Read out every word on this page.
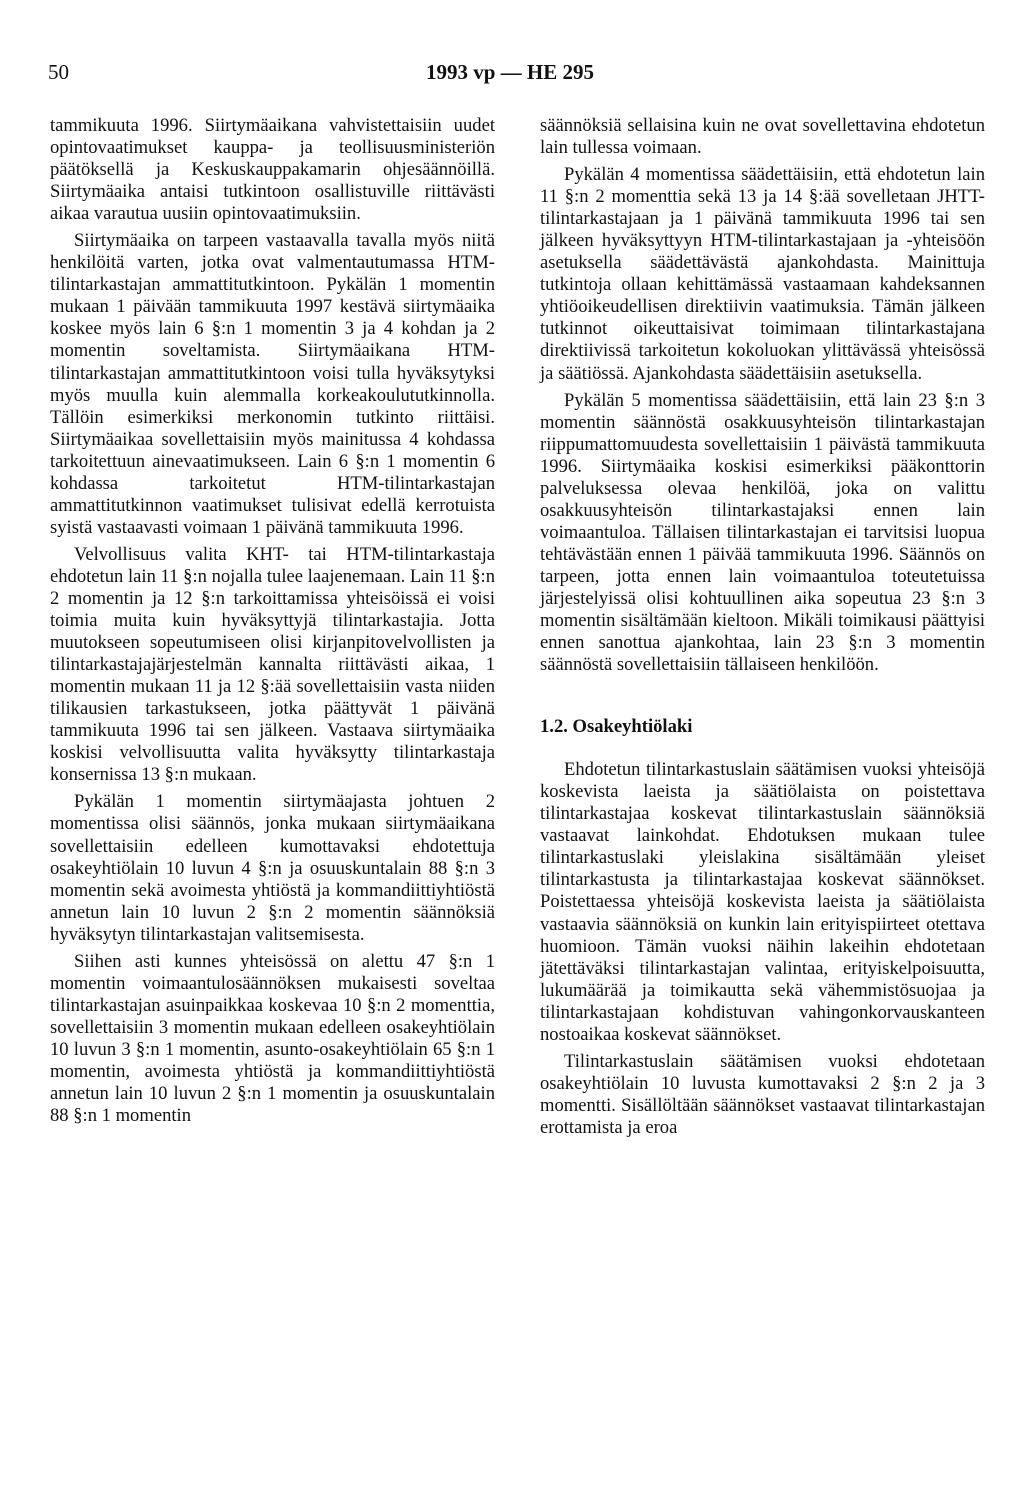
50	1993 vp — HE 295

tammikuuta 1996. Siirtymäaikana vahvistettaisiin uudet opintovaatimukset kauppa- ja teollisuusministeriön päätöksellä ja Keskuskauppakamarin ohjesäännöillä. Siirtymäaika antaisi tutkintoon osallistuville riittävästi aikaa varautua uusiin opintovaatimuksiin.

Siirtymäaika on tarpeen vastaavalla tavalla myös niitä henkilöitä varten, jotka ovat valmentautumassa HTM-tilintarkastajan ammattitutkintoon. Pykälän 1 momentin mukaan 1 päivään tammikuuta 1997 kestävä siirtymäaika koskee myös lain 6 §:n 1 momentin 3 ja 4 kohdan ja 2 momentin soveltamista. Siirtymäaikana HTM-tilintarkastajan ammattitutkintoon voisi tulla hyväksytyksi myös muulla kuin alemmalla korkeakoulututkinnolla. Tällöin esimerkiksi merkonomin tutkinto riittäisi. Siirtymäaikaa sovellettaisiin myös mainitussa 4 kohdassa tarkoitettuun ainevaatimukseen. Lain 6 §:n 1 momentin 6 kohdassa tarkoitetut HTM-tilintarkastajan ammattitutkinnon vaatimukset tulisivat edellä kerrotuista syistä vastaavasti voimaan 1 päivänä tammikuuta 1996.

Velvollisuus valita KHT- tai HTM-tilintarkastaja ehdotetun lain 11 §:n nojalla tulee laajenemaan. Lain 11 §:n 2 momentin ja 12 §:n tarkoittamissa yhteisöissä ei voisi toimia muita kuin hyväksyttyjä tilintarkastajia. Jotta muutokseen sopeutumiseen olisi kirjanpitovelvollisten ja tilintarkastajajärjestelmän kannalta riittävästi aikaa, 1 momentin mukaan 11 ja 12 §:ää sovellettaisiin vasta niiden tilikausien tarkastukseen, jotka päättyvät 1 päivänä tammikuuta 1996 tai sen jälkeen. Vastaava siirtymäaika koskisi velvollisuutta valita hyväksytty tilintarkastaja konsernissa 13 §:n mukaan.

Pykälän 1 momentin siirtymäajasta johtuen 2 momentissa olisi säännös, jonka mukaan siirtymäaikana sovellettaisiin edelleen kumottavaksi ehdotettuja osakeyhtiölain 10 luvun 4 §:n ja osuuskuntalain 88 §:n 3 momentin sekä avoimesta yhtiöstä ja kommandiittiyhtiöstä annetun lain 10 luvun 2 §:n 2 momentin säännöksiä hyväksytyn tilintarkastajan valitsemisesta.

Siihen asti kunnes yhteisössä on alettu 47 §:n 1 momentin voimaantulosäännöksen mukaisesti soveltaa tilintarkastajan asuinpaikkaa koskevaa 10 §:n 2 momenttia, sovellettaisiin 3 momentin mukaan edelleen osakeyhtiölain 10 luvun 3 §:n 1 momentin, asunto-osakeyhtiölain 65 §:n 1 momentin, avoimesta yhtiöstä ja kommandiittiyhtiöstä annetun lain 10 luvun 2 §:n 1 momentin ja osuuskuntalain 88 §:n 1 momentin

säännöksiä sellaisina kuin ne ovat sovellettavina ehdotetun lain tullessa voimaan.

Pykälän 4 momentissa säädettäisiin, että ehdotetun lain 11 §:n 2 momenttia sekä 13 ja 14 §:ää sovelletaan JHTT-tilintarkastajaan ja 1 päivänä tammikuuta 1996 tai sen jälkeen hyväksyttyyn HTM-tilintarkastajaan ja -yhteisöön asetuksella säädettävästä ajankohdasta. Mainittuja tutkintoja ollaan kehittämässä vastaamaan kahdeksannen yhtiöoikeudellisen direktiivin vaatimuksia. Tämän jälkeen tutkinnot oikeuttaisivat toimimaan tilintarkastajana direktiivissä tarkoitetun kokoluokan ylittävässä yhteisössä ja säätiössä. Ajankohdasta säädettäisiin asetuksella.

Pykälän 5 momentissa säädettäisiin, että lain 23 §:n 3 momentin säännöstä osakkuusyhteisön tilintarkastajan riippumattomuudesta sovellettaisiin 1 päivästä tammikuuta 1996. Siirtymäaika koskisi esimerkiksi pääkonttorin palveluksessa olevaa henkilöä, joka on valittu osakkuusyhteisön tilintarkastajaksi ennen lain voimaantuloa. Tällaisen tilintarkastajan ei tarvitsisi luopua tehtävästään ennen 1 päivää tammikuuta 1996. Säännös on tarpeen, jotta ennen lain voimaantuloa toteutetuissa järjestelyissä olisi kohtuullinen aika sopeutua 23 §:n 3 momentin sisältämään kieltoon. Mikäli toimikausi päättyisi ennen sanottua ajankohtaa, lain 23 §:n 3 momentin säännöstä sovellettaisiin tällaiseen henkilöön.

1.2. Osakeyhtiölaki

Ehdotetun tilintarkastuslain säätämisen vuoksi yhteisöjä koskevista laeista ja säätiölaista on poistettava tilintarkastajaa koskevat tilintarkastuslain säännöksiä vastaavat lainkohdat. Ehdotuksen mukaan tulee tilintarkastuslaki yleislakina sisältämään yleiset tilintarkastusta ja tilintarkastajaa koskevat säännökset. Poistettaessa yhteisöjä koskevista laeista ja säätiölaista vastaavia säännöksiä on kunkin lain erityispiirteet otettava huomioon. Tämän vuoksi näihin lakeihin ehdotetaan jätettäväksi tilintarkastajan valintaa, erityiskelpoisuutta, lukumäärää ja toimikautta sekä vähemmistösuojaa ja tilintarkastajaan kohdistuvan vahingonkorvauskanteen nostoaikaa koskevat säännökset.

Tilintarkastuslain säätämisen vuoksi ehdotetaan osakeyhtiölain 10 luvusta kumottavaksi 2 §:n 2 ja 3 momentti. Sisällöltään säännökset vastaavat tilintarkastajan erottamista ja eroa
